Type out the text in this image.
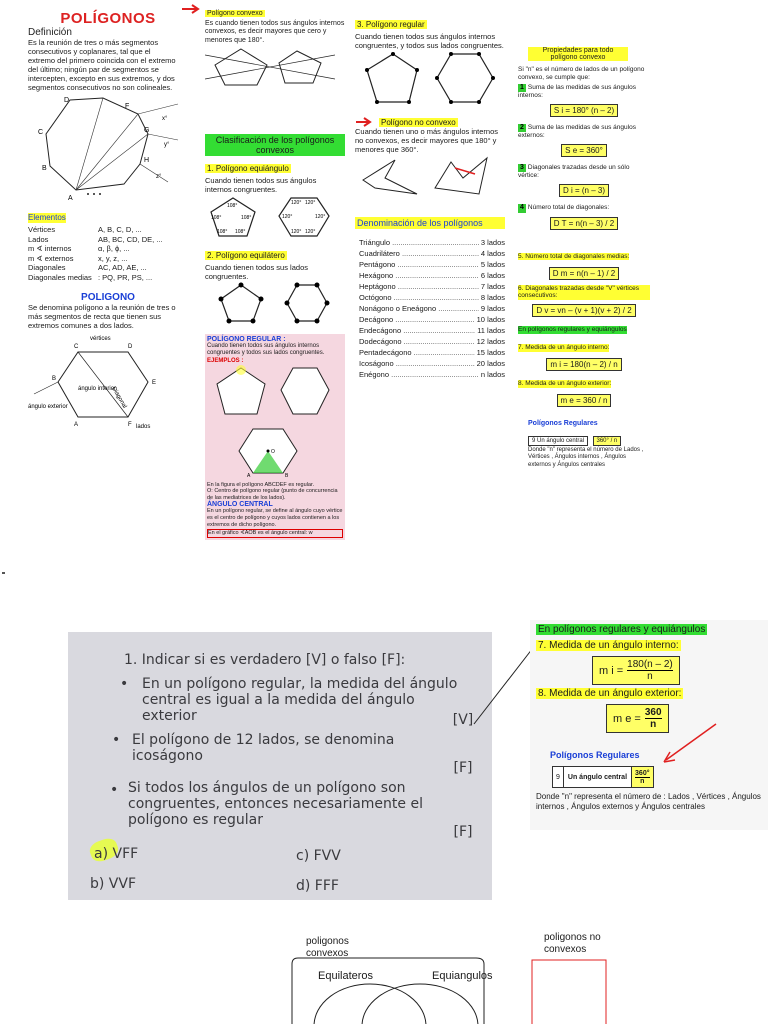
POLÍGONOS
Definición
Es la reunión de tres o más segmentos consecutivos y coplanares, tal que el extremo del primero coincida con el extremo del último; ningún par de segmentos se intercepten, excepto en sus extremos, y dos segmentos consecutivos no son colineales.
D
F
C	G
B
H
A
x°
y°
z°
Elementos
Vértices	A, B, C, D, ...
Lados	AB, BC, CD, DE, ...
m ∢ internos	α, β, ϕ, ...
m ∢ externos	x, y, z, ...
Diagonales	AC, AD, AE, ...
Diagonales medias : PQ, PR, PS, ...
POLIGONO
Se denomina polígono a la reunión de tres o más segmentos de recta que tienen sus extremos comunes a dos lados.
vértices
Diagonal
ángulo interior
ángulo exterior
lados
C	D
E
B
A	F
Polígono convexo
Es cuando tienen todos sus ángulos internos convexos, es decir mayores que cero y menores que 180°.
Clasificación de los polígonos convexos
1. Polígono equiángulo
Cuando tienen todos sus ángulos internos congruentes.
108°
108°	108°
108° 108°
120° 120°
120°	120°
120° 120°
2. Polígono equilátero
Cuando tienen todos sus lados congruentes.
POLÍGONO REGULAR :
Cuando tienen todos sus ángulos internos congruentes y todos sus lados congruentes.
EJEMPLOS :

O
A	B
En la figura el polígono ABCDEF es regular.
O: Centro de polígono regular (punto de concurrencia de las mediatrices de los lados).
ÁNGULO CENTRAL
En un polígono regular, se define al ángulo cuyo vértice es el centro de polígono y cuyos lados contienen a los extremos de dicho polígono.
En el gráfico ∢AOB es el ángulo central: w
3. Polígono regular
Cuando tienen todos sus ángulos internos congruentes, y todos sus lados congruentes.
Polígono no convexo
Cuando tienen uno o más ángulos internos no convexos, es decir mayores que 180° y menores que 360°.
Denominación de los polígonos
Triángulo .....	3 lados
Cuadrilátero .....	4 lados
Pentágono .....	5 lados
Hexágono .....	6 lados
Heptágono .....	7 lados
Octógono .....	8 lados
Nonágono o Eneágono .....	9 lados
Decágono .....	10 lados
Endecágono .....	11 lados
Dodecágono .....	12 lados
Pentadecágono .....	15 lados
Icoságono .....	20 lados
Enégono .....	n lados
Propiedades para todo polígono convexo
Si "n" es el número de lados de un polígono convexo, se cumple que:
1 Suma de las medidas de sus ángulos internos:
S i = 180° (n – 2)
2 Suma de las medidas de sus ángulos externos:
S e = 360°
3 Diagonales trazadas desde un sólo vértice:
D i = (n – 3)
4 Número total de diagonales:
D T = n(n – 3) / 2
5. Número total de diagonales medias:
D m = n(n – 1) / 2
6. Diagonales trazadas desde "V" vértices consecutivos:
D v = vn – (v + 1)(v + 2) / 2
En polígonos regulares y equiángulos 7. Medida de un ángulo interno:
m i = 180(n – 2) / n
8. Medida de un ángulo exterior:
m e = 360 / n
Polígonos Regulares
9 Un ángulo central 360° / n
Donde "n" representa el número de Lados , Vértices , Ángulos internos , Ángulos externos y Ángulos centrales
1. Indicar si es verdadero [V] o falso [F]:
• En un polígono regular, la medida del ángulo central es igual a la medida del ángulo exterior	[V]
• El polígono de 12 lados, se denomina icoságono
[F]
• Si todos los ángulos de un polígono son congruentes, entonces necesariamente el polígono es regular
[F]
a) VFF
b) VVF
c) FVV
d) FFF
En polígonos regulares y equiángulos
7. Medida de un ángulo interno:
m $i = \frac{180(n - 2)}{n}$
8. Medida de un ángulo exterior:
m $e = \frac{360}{n}$
Polígonos Regulares
9	Un ángulo central
360°
n
Donde "n" representa el número de : Lados , Vértices , Ángulos internos , Ángulos externos y Ángulos centrales
poligonos convexos
poligonos no convexos
Equilateros	Equiangulos
